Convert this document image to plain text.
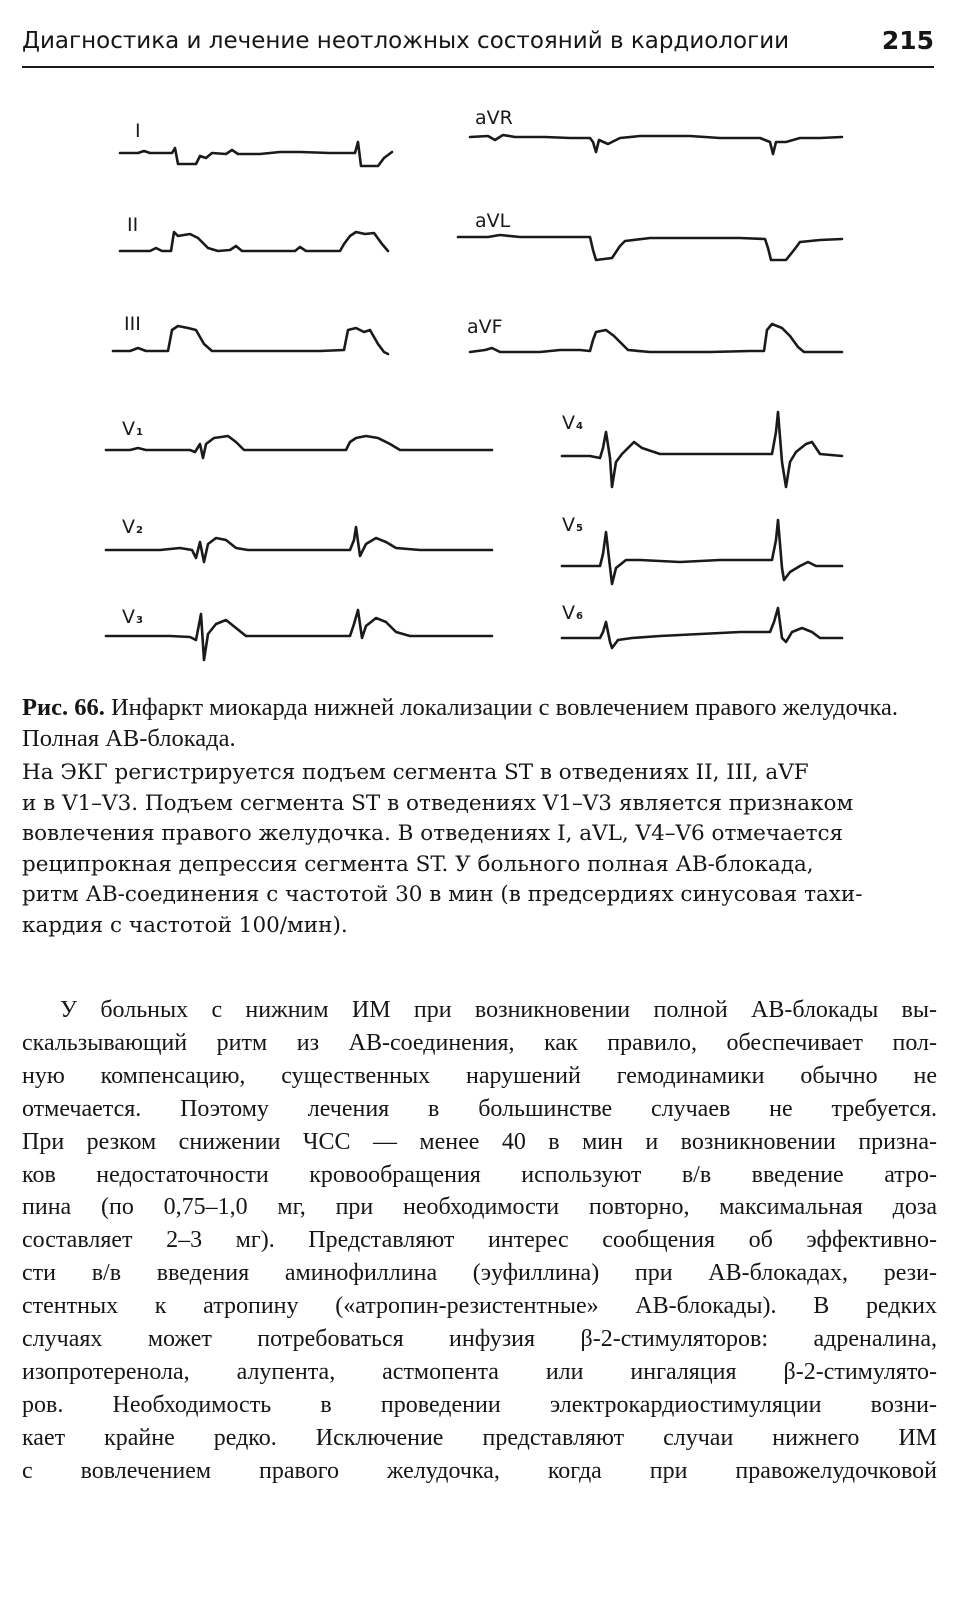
Диагностика и лечение неотложных состояний в кардиологии	215
I
II
III
aVR
aVL
aVF
V1
V2
V3
V4
V5
V6
Рис. 66. Инфаркт миокарда нижней локализации с вовлечением правого желудочка. Полная АВ-блокада.
На ЭКГ регистрируется подъем сегмента ST в отведениях II, III, aVF
и в V1–V3. Подъем сегмента ST в отведениях V1–V3 является признаком
вовлечения правого желудочка. В отведениях I, aVL, V4–V6 отмечается
реципрокная депрессия сегмента ST. У больного полная АВ-блокада,
ритм АВ-соединения с частотой 30 в мин (в предсердиях синусовая тахи-
кардия с частотой 100/мин).
У больных с нижним ИМ при возникновении полной АВ-блокады вы-
скальзывающий ритм из АВ-соединения, как правило, обеспечивает пол-
ную компенсацию, существенных нарушений гемодинамики обычно не
отмечается. Поэтому лечения в большинстве случаев не требуется.
При резком снижении ЧСС — менее 40 в мин и возникновении призна-
ков недостаточности кровообращения используют в/в введение атро-
пина (по 0,75–1,0 мг, при необходимости повторно, максимальная доза
составляет 2–3 мг). Представляют интерес сообщения об эффективно-
сти в/в введения аминофиллина (эуфиллина) при АВ-блокадах, рези-
стентных к атропину («атропин-резистентные» АВ-блокады). В редких
случаях может потребоваться инфузия β-2-стимуляторов: адреналина,
изопротеренола, алупента, астмопента или ингаляция β-2-стимулято-
ров. Необходимость в проведении электрокардиостимуляции возни-
кает крайне редко. Исключение представляют случаи нижнего ИМ
с вовлечением правого желудочка, когда при правожелудочковой
